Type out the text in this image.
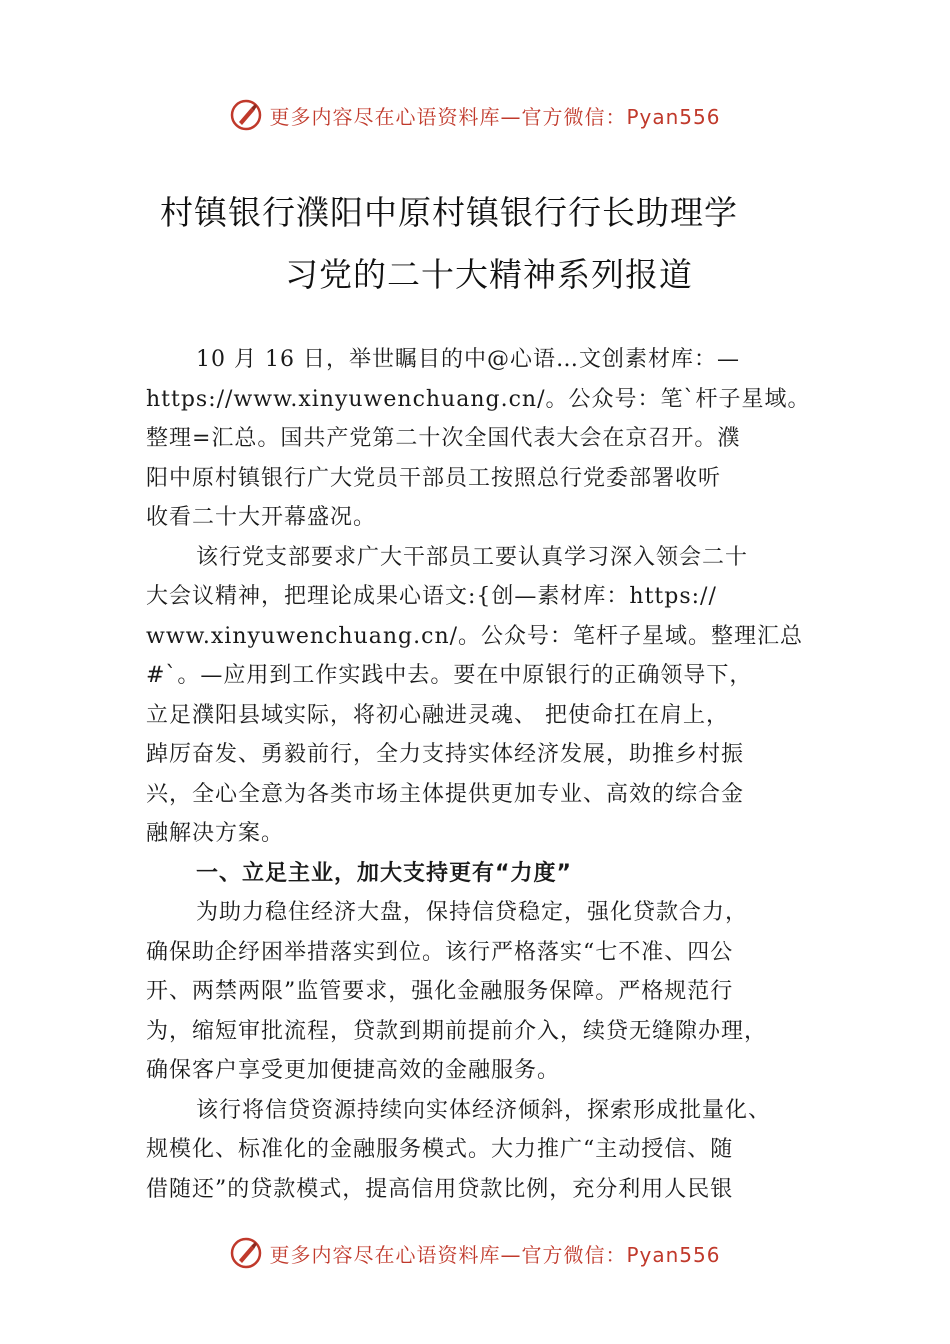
更多内容尽在心语资料库—官方微信：Pyan556
村镇银行濮阳中原村镇银行行长助理学
习党的二十大精神系列报道
10 月 16 日，举世瞩目的中@心语…文创素材库：—
https://www.xinyuwenchuang.cn/。公众号：笔`杆子星域。
整理=汇总。国共产党第二十次全国代表大会在京召开。濮
阳中原村镇银行广大党员干部员工按照总行党委部署收听
收看二十大开幕盛况。
该行党支部要求广大干部员工要认真学习深入领会二十
大会议精神，把理论成果心语文:{创—素材库：https://
www.xinyuwenchuang.cn/。公众号：笔杆子星域。整理汇总
#`。—应用到工作实践中去。要在中原银行的正确领导下，
立足濮阳县域实际，将初心融进灵魂、 把使命扛在肩上，
踔厉奋发、勇毅前行，全力支持实体经济发展，助推乡村振
兴，全心全意为各类市场主体提供更加专业、高效的综合金
融解决方案。
一、立足主业，加大支持更有“力度”
为助力稳住经济大盘，保持信贷稳定，强化贷款合力，
确保助企纾困举措落实到位。该行严格落实“七不准、四公
开、两禁两限”监管要求，强化金融服务保障。严格规范行
为，缩短审批流程，贷款到期前提前介入，续贷无缝隙办理，
确保客户享受更加便捷高效的金融服务。
该行将信贷资源持续向实体经济倾斜，探索形成批量化、
规模化、标准化的金融服务模式。大力推广“主动授信、随
借随还”的贷款模式，提高信用贷款比例，充分利用人民银
更多内容尽在心语资料库—官方微信：Pyan556
